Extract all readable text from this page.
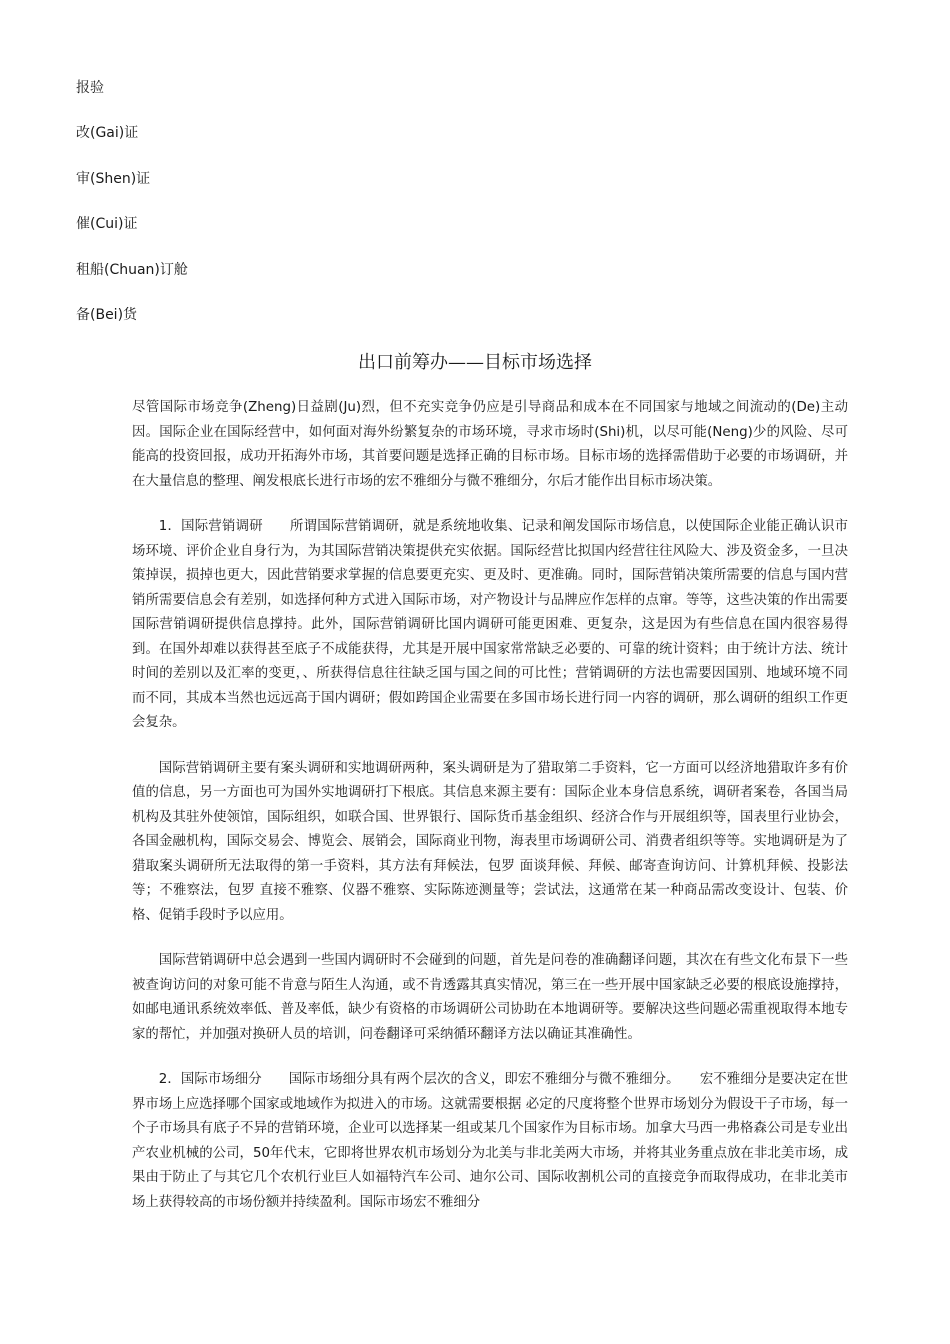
报验
改(Gai)证
审(Shen)证
催(Cui)证
租船(Chuan)订舱
备(Bei)货
出口前筹办——目标市场选择

尽管国际市场竞争(Zheng)日益剧(Ju)烈，但不充实竞争仍应是引导商品和成本在不同国家与地域之间流动的(De)主动因。国际企业在国际经营中，如何面对海外纷繁复杂的市场环境，寻求市场时(Shi)机，以尽可能(Neng)少的风险、尽可能高的投资回报，成功开拓海外市场，其首要问题是选择正确的目标市场。目标市场的选择需借助于必要的市场调研，并在大量信息的整理、阐发根底长进行市场的宏不雅细分与微不雅细分，尔后才能作出目标市场决策。

1．国际营销调研　　所谓国际营销调研，就是系统地收集、记录和阐发国际市场信息，以使国际企业能正确认识市场环境、评价企业自身行为，为其国际营销决策提供充实依据。国际经营比拟国内经营往往风险大、涉及资金多，一旦决策掉误，损掉也更大，因此营销要求掌握的信息要更充实、更及时、更准确。同时，国际营销决策所需要的信息与国内营销所需要信息会有差别，如选择何种方式进入国际市场，对产物设计与品牌应作怎样的点窜。等等，这些决策的作出需要国际营销调研提供信息撑持。此外，国际营销调研比国内调研可能更困难、更复杂，这是因为有些信息在国内很容易得到。在国外却难以获得甚至底子不成能获得，尤其是开展中国家常常缺乏必要的、可靠的统计资料；由于统计方法、统计时间的差别以及汇率的变更，、所获得信息往往缺乏国与国之间的可比性；营销调研的方法也需要因国别、地域环境不同而不同，其成本当然也远远高于国内调研；假如跨国企业需要在多国市场长进行同一内容的调研，那么调研的组织工作更会复杂。

国际营销调研主要有案头调研和实地调研两种，案头调研是为了猎取第二手资料，它一方面可以经济地猎取许多有价值的信息，另一方面也可为国外实地调研打下根底。其信息来源主要有：国际企业本身信息系统，调研者案卷，各国当局机构及其驻外使领馆，国际组织，如联合国、世界银行、国际货币基金组织、经济合作与开展组织等，国表里行业协会，各国金融机构，国际交易会、博览会、展销会，国际商业刊物，海表里市场调研公司、消费者组织等等。实地调研是为了猎取案头调研所无法取得的第一手资料，其方法有拜候法，包罗 面谈拜候、拜候、邮寄查询访问、计算机拜候、投影法等；不雅察法，包罗 直接不雅察、仪器不雅察、实际陈迹测量等；尝试法，这通常在某一种商品需改变设计、包装、价格、促销手段时予以应用。

国际营销调研中总会遇到一些国内调研时不会碰到的问题，首先是问卷的准确翻译问题，其次在有些文化布景下一些被查询访问的对象可能不肯意与陌生人沟通，或不肯透露其真实情况，第三在一些开展中国家缺乏必要的根底设施撑持，如邮电通讯系统效率低、普及率低，缺少有资格的市场调研公司协助在本地调研等。要解决这些问题必需重视取得本地专家的帮忙，并加强对换研人员的培训，问卷翻译可采纳循环翻译方法以确证其准确性。

2．国际市场细分　　国际市场细分具有两个层次的含义，即宏不雅细分与微不雅细分。　　宏不雅细分是要决定在世界市场上应选择哪个国家或地域作为拟进入的市场。这就需要根据 必定的尺度将整个世界市场划分为假设干子市场，每一个子市场具有底子不异的营销环境，企业可以选择某一组或某几个国家作为目标市场。加拿大马西一弗格森公司是专业出产农业机械的公司，50年代末，它即将世界农机市场划分为北美与非北美两大市场，并将其业务重点放在非北美市场，成果由于防止了与其它几个农机行业巨人如福特汽车公司、迪尔公司、国际收割机公司的直接竞争而取得成功，在非北美市场上获得较高的市场份额并持续盈利。国际市场宏不雅细分
